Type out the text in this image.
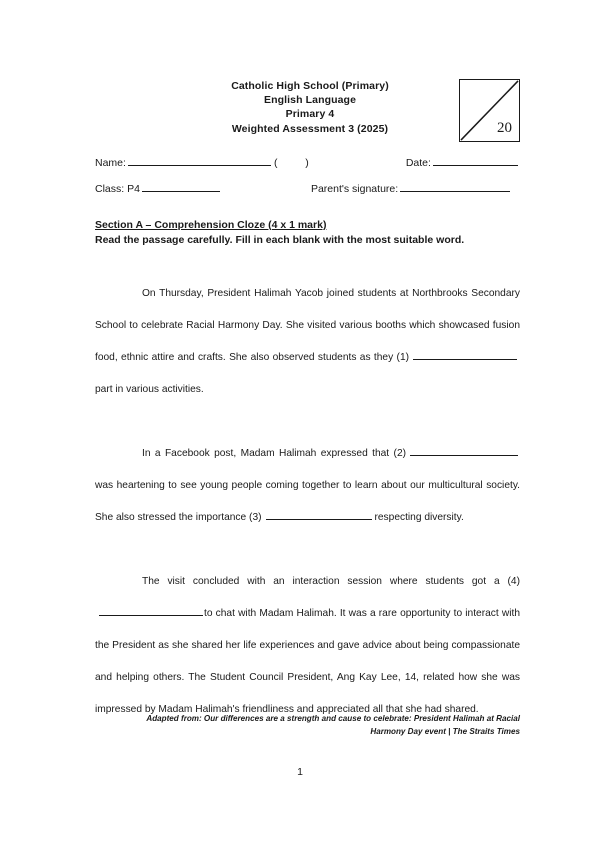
Catholic High School (Primary)
English Language
Primary 4
Weighted Assessment 3 (2025)	20
Name:	(	)	Date:
Class: P4	Parent's signature:
Section A – Comprehension Cloze (4 x 1 mark)
Read the passage carefully. Fill in each blank with the most suitable word.

On Thursday, President Halimah Yacob joined students at Northbrooks Secondary School to celebrate Racial Harmony Day. She visited various booths which showcased fusion food, ethnic attire and crafts. She also observed students as they (1)part in various activities.

In a Facebook post, Madam Halimah expressed that (2)was heartening to see young people coming together to learn about our multicultural society. She also stressed the importance (3)	respecting diversity.

The visit concluded with an interaction session where students got a (4)to chat with Madam Halimah. It was a rare opportunity to interact with the President as she shared her life experiences and gave advice about being compassionate and helping others. The Student Council President, Ang Kay Lee, 14, related how she was impressed by Madam Halimah's friendliness and appreciated all that she had shared.

Adapted from: Our differences are a strength and cause to celebrate: President Halimah at Racial Harmony Day event | The Straits Times
1
